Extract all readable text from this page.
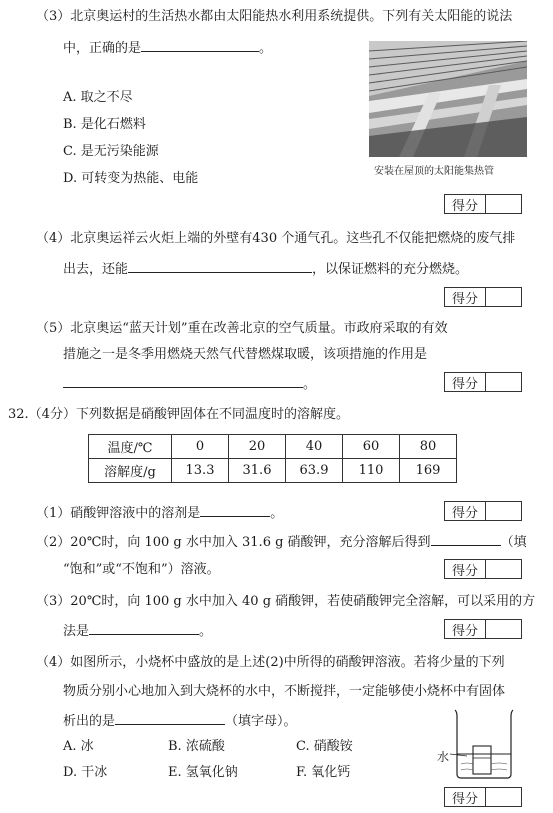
（3）北京奥运村的生活热水都由太阳能热水利用系统提供。下列有关太阳能的说法
中，正确的是	。
A. 取之不尽
B. 是化石燃料
C. 是无污染能源
D. 可转变为热能、电能	安装在屋顶的太阳能集热管
得分
（4）北京奥运祥云火炬上端的外壁有430 个通气孔。这些孔不仅能把燃烧的废气排
出去，还能	，以保证燃料的充分燃烧。
得分
（5）北京奥运“蓝天计划”重在改善北京的空气质量。市政府采取的有效
措施之一是冬季用燃烧天然气代替燃煤取暖，该项措施的作用是
。	得分
32.（4分）下列数据是硝酸钾固体在不同温度时的溶解度。
温度/℃	0	20	40	60	80
溶解度/g	13.3	31.6	63.9	110	169
（1）硝酸钾溶液中的溶剂是	。	得分
（2）20℃时，向 100 g 水中加入 31.6 g 硝酸钾，充分溶解后得到	（填
“饱和”或“不饱和”）溶液。	得分
（3）20℃时，向 100 g 水中加入 40 g 硝酸钾，若使硝酸钾完全溶解，可以采用的方
法是	。	得分
（4）如图所示，小烧杯中盛放的是上述(2)中所得的硝酸钾溶液。若将少量的下列
物质分别小心地加入到大烧杯的水中，不断搅拌，一定能够使小烧杯中有固体
析出的是	（填字母）。
A. 冰	B. 浓硫酸	C. 硝酸铵
D. 干冰	E. 氢氧化钠	F. 氧化钙
水
得分
